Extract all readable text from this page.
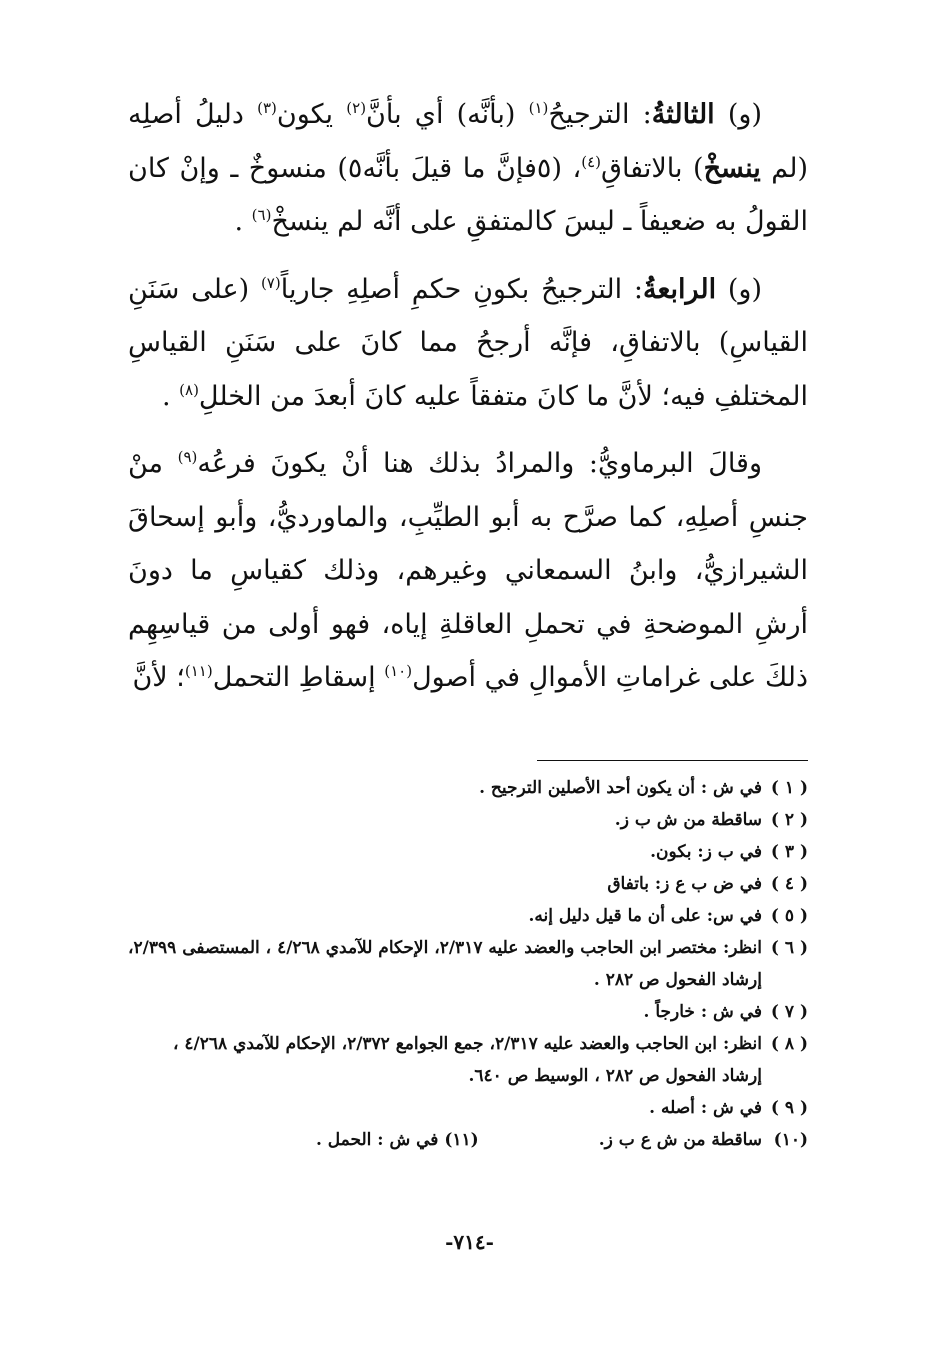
(و) الثالثةُ: الترجيحُ$^{(١)}$ (بأنَّه) أي بأنَّ$^{(٢)}$ يكون$^{(٣)}$ دليلُ أصلِه (لم ينسخْ) بالاتفاقِ$^{(٤)}$، (٥فإنَّ ما قيلَ بأنَّه٥) منسوخٌ ـ وإنْ كان القولُ به ضعيفاً ـ ليسَ كالمتفقِ على أنَّه لم ينسخْ$^{(٦)}$ .

(و) الرابعةُ: الترجيحُ بكونِ حكمِ أصلِهِ جارياً$^{(٧)}$ (على سَنَنِ القياسِ) بالاتفاقِ، فإنَّه أرجحُ مما كانَ على سَنَنِ القياسِ المختلفِ فيه؛ لأنَّ ما كانَ متفقاً عليه كانَ أبعدَ من الخللِ$^{(٨)}$ .

وقالَ البرماويُّ: والمرادُ بذلك هنا أنْ يكونَ فرعُه$^{(٩)}$ منْ جنسِ أصلِهِ، كما صرَّح به أبو الطيِّبِ، والماورديُّ، وأبو إسحاقَ الشيرازيُّ، وابنُ السمعاني وغيرهم، وذلك كقياسِ ما دونَ أرشِ الموضحةِ في تحملِ العاقلةِ إياه، فهو أولى من قياسِهِم ذلكَ على غراماتِ الأموالِ في أصول$^{(١٠)}$ إسقاطِ التحمل$^{(١١)}$؛ لأنَّ

( ١ )
في ش : أن يكون أحد الأصلين الترجيح .
( ٢ )
ساقطة من ش ب ز.
( ٣ )
في ب ز: بكون.
( ٤ )
في ض ب ع ز: باتفاق
( ٥ )
في س: على أن ما قيل دليل إنه.
( ٦ )
انظر: مختصر ابن الحاجب والعضد عليه ٢/٣١٧، الإحكام للآمدي ٤/٢٦٨ ، المستصفى ٢/٣٩٩، إرشاد الفحول ص ٢٨٢ .
( ٧ )
في ش : خارجاً .
( ٨ )
انظر: ابن الحاجب والعضد عليه ٢/٣١٧، جمع الجوامع ٢/٣٧٢، الإحكام للآمدي ٤/٢٦٨ ، إرشاد الفحول ص ٢٨٢ ، الوسيط ص ٦٤٠.
( ٩ )
في ش : أصله .
(١٠)
ساقطة من ش ع ب ز.(١١) في ش : الحمل .
-٧١٤-
